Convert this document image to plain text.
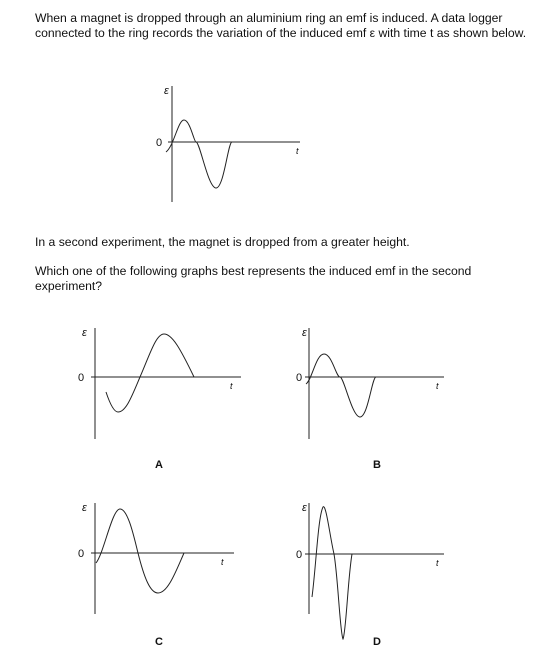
When a magnet is dropped through an aluminium ring an emf is induced. A data logger connected to the ring records the variation of the induced emf ε with time t as shown below.

ε
0
t

In a second experiment, the magnet is dropped from a greater height.

Which one of the following graphs best represents the induced emf in the second experiment?

ε
0
t
A
ε
0
t
B
ε
0
t
C
ε
0
t
D
